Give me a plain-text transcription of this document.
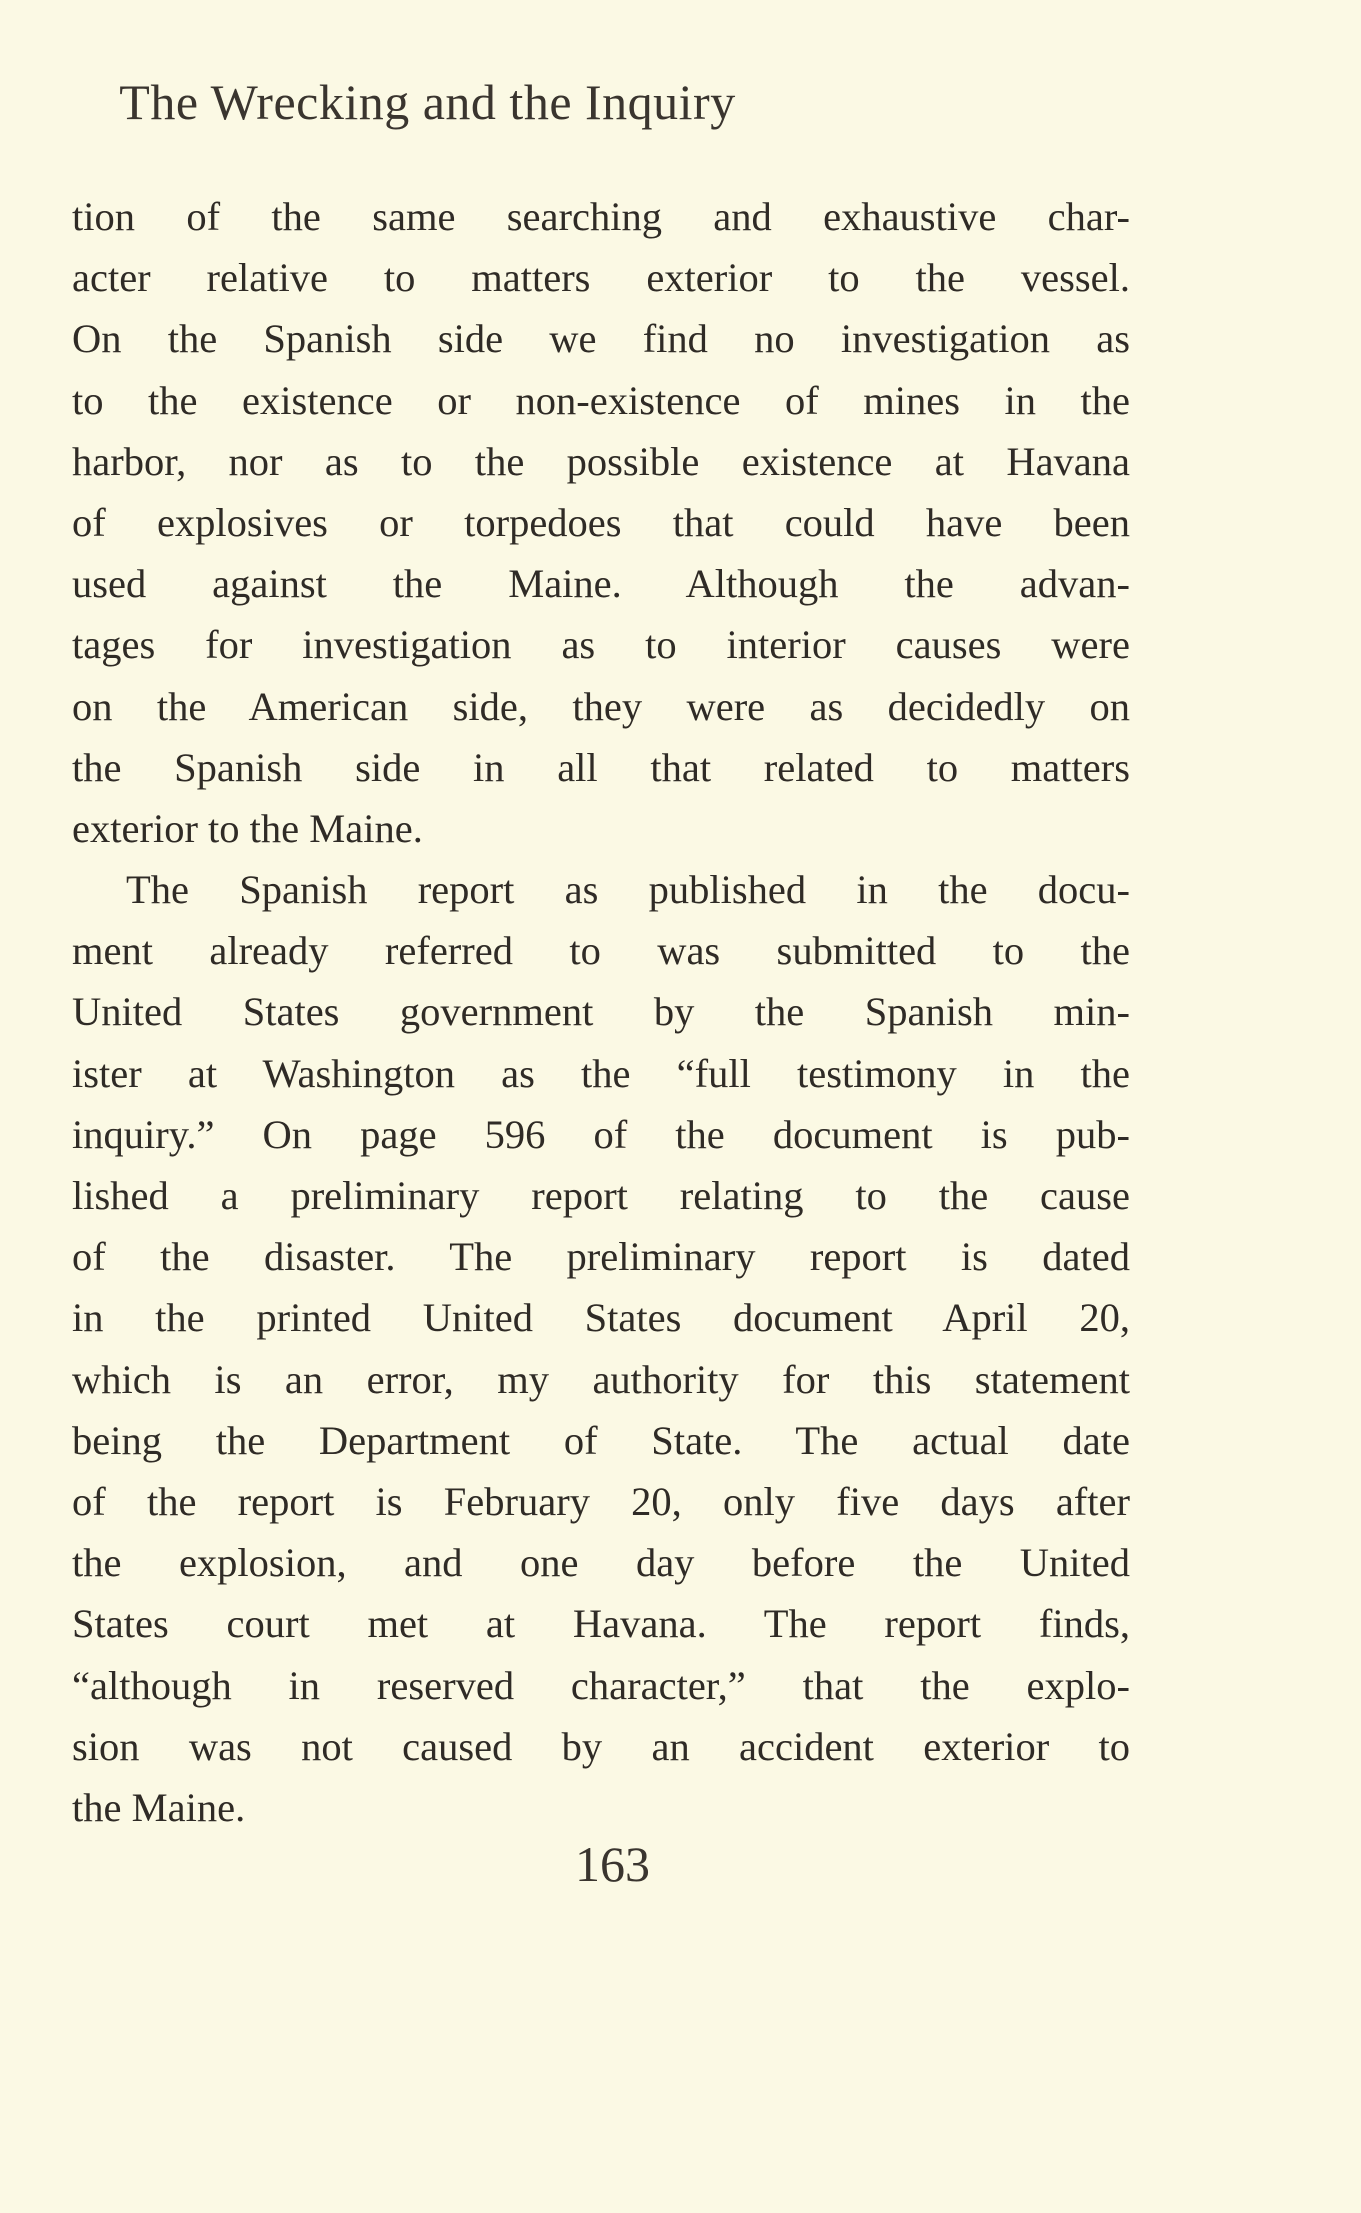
The Wrecking and the Inquiry
tion of the same searching and exhaustive char-
acter relative to matters exterior to the vessel.
On the Spanish side we find no investigation as
to the existence or non-existence of mines in the
harbor, nor as to the possible existence at Havana
of explosives or torpedoes that could have been
used against the Maine. Although the advan-
tages for investigation as to interior causes were
on the American side, they were as decidedly on
the Spanish side in all that related to matters
exterior to the Maine.
The Spanish report as published in the docu-
ment already referred to was submitted to the
United States government by the Spanish min-
ister at Washington as the “full testimony in the
inquiry.” On page 596 of the document is pub-
lished a preliminary report relating to the cause
of the disaster. The preliminary report is dated
in the printed United States document April 20,
which is an error, my authority for this statement
being the Department of State. The actual date
of the report is February 20, only five days after
the explosion, and one day before the United
States court met at Havana. The report finds,
“although in reserved character,” that the explo-
sion was not caused by an accident exterior to
the Maine.
163
